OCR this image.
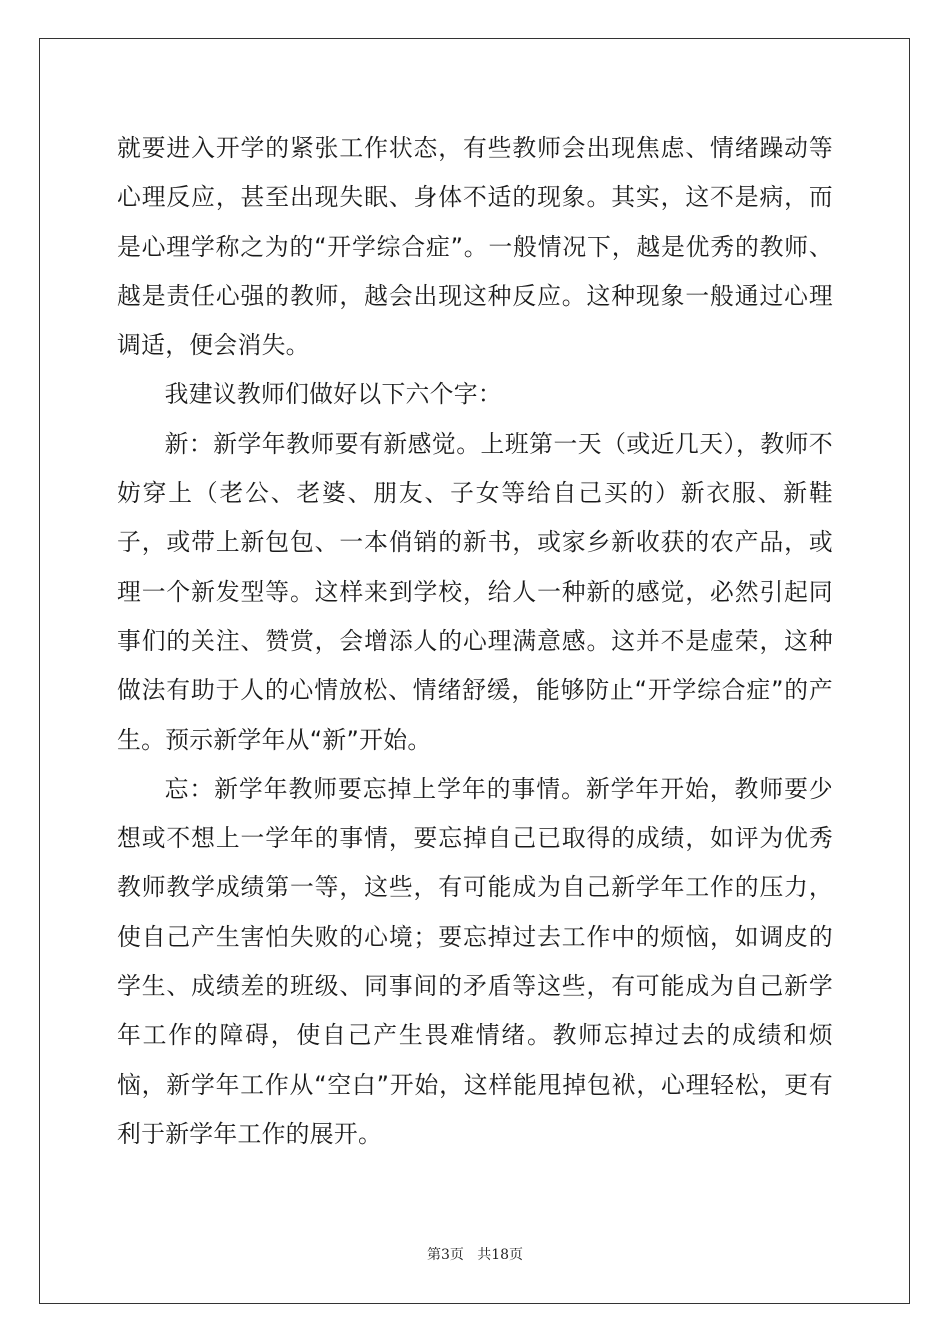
就要进入开学的紧张工作状态，有些教师会出现焦虑、情绪躁动等心理反应，甚至出现失眠、身体不适的现象。其实，这不是病，而是心理学称之为的“开学综合症”。一般情况下，越是优秀的教师、越是责任心强的教师，越会出现这种反应。这种现象一般通过心理调适，便会消失。

我建议教师们做好以下六个字：

新：新学年教师要有新感觉。上班第一天（或近几天），教师不妨穿上（老公、老婆、朋友、子女等给自己买的）新衣服、新鞋子，或带上新包包、一本俏销的新书，或家乡新收获的农产品，或理一个新发型等。这样来到学校，给人一种新的感觉，必然引起同事们的关注、赞赏，会增添人的心理满意感。这并不是虚荣，这种做法有助于人的心情放松、情绪舒缓，能够防止“开学综合症”的产生。预示新学年从“新”开始。

忘：新学年教师要忘掉上学年的事情。新学年开始，教师要少想或不想上一学年的事情，要忘掉自己已取得的成绩，如评为优秀教师教学成绩第一等，这些，有可能成为自己新学年工作的压力，使自己产生害怕失败的心境；要忘掉过去工作中的烦恼，如调皮的学生、成绩差的班级、同事间的矛盾等这些，有可能成为自己新学年工作的障碍，使自己产生畏难情绪。教师忘掉过去的成绩和烦恼，新学年工作从“空白”开始，这样能甩掉包袱，心理轻松，更有利于新学年工作的展开。

第3页   共18页
